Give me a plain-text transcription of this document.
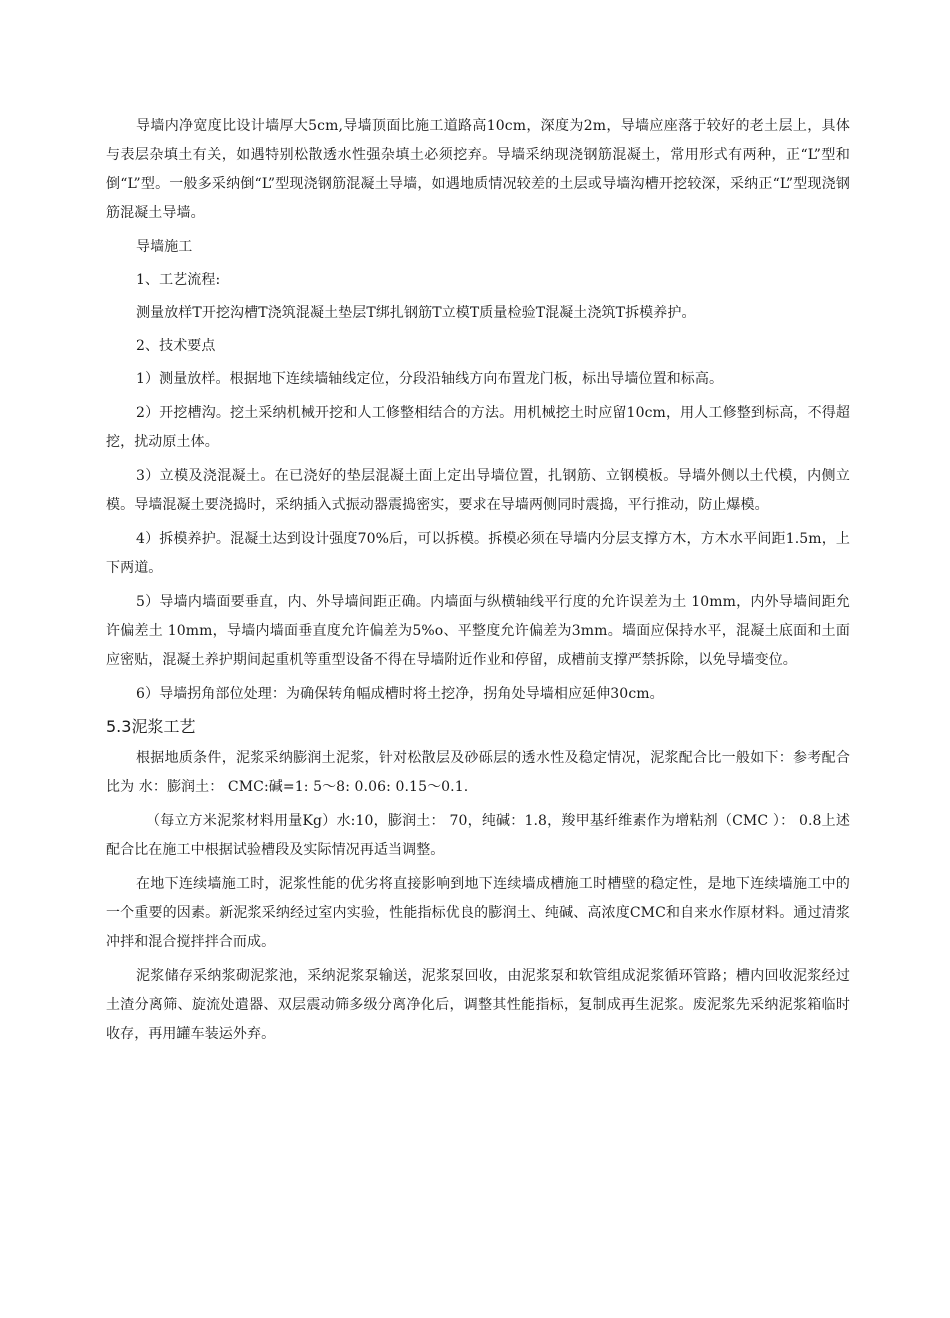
导墙内净宽度比设计墙厚大5cm,导墙顶面比施工道路高10cm，深度为2m，导墙应座落于较好的老土层上，具体与表层杂填土有关，如遇特别松散透水性强杂填土必须挖弃。导墙采纳现浇钢筋混凝土，常用形式有两种，正“L”型和倒“L”型。一般多采纳倒“L”型现浇钢筋混凝土导墙，如遇地质情况较差的土层或导墙沟槽开挖较深，采纳正“L”型现浇钢筋混凝土导墙。

导墙施工

1、工艺流程:

测量放样T开挖沟槽T浇筑混凝土垫层T绑扎钢筋T立模T质量检验T混凝土浇筑T拆模养护。

2、技术要点

1）测量放样。根据地下连续墙轴线定位，分段沿轴线方向布置龙门板，标出导墙位置和标高。

2）开挖槽沟。挖土采纳机械开挖和人工修整相结合的方法。用机械挖土时应留10cm，用人工修整到标高，不得超挖，扰动原土体。

3）立模及浇混凝土。在已浇好的垫层混凝土面上定出导墙位置，扎钢筋、立钢模板。导墙外侧以土代模，内侧立模。导墙混凝土要浇捣时，采纳插入式振动器震捣密实，要求在导墙两侧同时震捣，平行推动，防止爆模。

4）拆模养护。混凝土达到设计强度70%后，可以拆模。拆模必须在导墙内分层支撑方木，方木水平间距1.5m，上下两道。

5）导墙内墙面要垂直，内、外导墙间距正确。内墙面与纵横轴线平行度的允许误差为土 10mm，内外导墙间距允许偏差土 10mm，导墙内墙面垂直度允许偏差为5%o、平整度允许偏差为3mm。墙面应保持水平，混凝土底面和土面应密贴，混凝土养护期间起重机等重型设备不得在导墙附近作业和停留，成槽前支撑严禁拆除，以免导墙变位。

6）导墙拐角部位处理：为确保转角幅成槽时将土挖净，拐角处导墙相应延伸30cm。

5.3泥浆工艺

根据地质条件，泥浆采纳膨润土泥浆，针对松散层及砂砾层的透水性及稳定情况，泥浆配合比一般如下：参考配合比为 水：膨润土： CMC:碱=1: 5〜8: 0.06: 0.15〜0.1.

（每立方米泥浆材料用量Kg）水:10，膨润土： 70，纯碱：1.8，羧甲基纤维素作为增粘剂（CMC ）： 0.8上述配合比在施工中根据试验槽段及实际情况再适当调整。

在地下连续墙施工时，泥浆性能的优劣将直接影响到地下连续墙成槽施工时槽壁的稳定性，是地下连续墙施工中的一个重要的因素。新泥浆采纳经过室内实验，性能指标优良的膨润土、纯碱、高浓度CMC和自来水作原材料。通过清浆冲拌和混合搅拌拌合而成。

泥浆储存采纳浆砌泥浆池，采纳泥浆泵输送，泥浆泵回收，由泥浆泵和软管组成泥浆循环管路；槽内回收泥浆经过土渣分离筛、旋流处遣器、双层震动筛多级分离净化后，调整其性能指标，复制成再生泥浆。废泥浆先采纳泥浆箱临时收存，再用罐车装运外弃。
